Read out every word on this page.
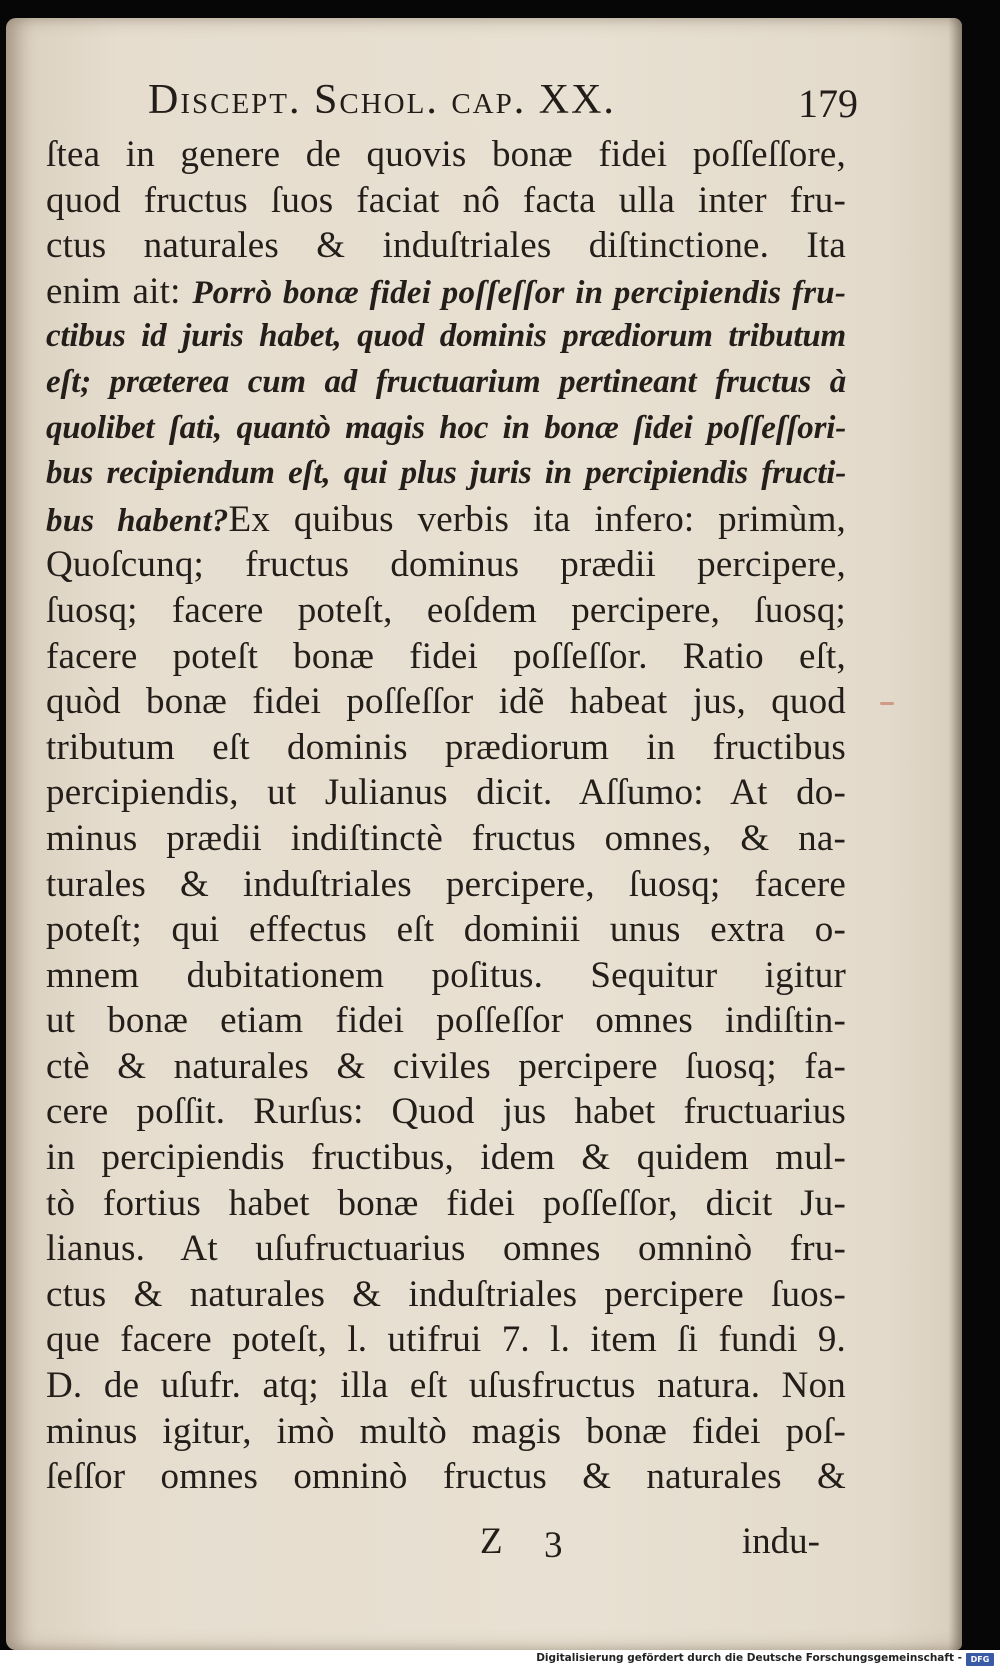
Discept. Schol. cap. XX.	179
ſtea in genere de quovis bonæ fidei poſſeſſore,
quod fructus ſuos faciat nô facta ulla inter fru-
ctus naturales & induſtriales diſtinctione. Ita
enim ait: Porrò bonæ fidei poſſeſſor in percipiendis fru-
ctibus id juris habet, quod dominis prædiorum tributum
eſt; præterea cum ad fructuarium pertineant fructus à
quolibet ſati, quantò magis hoc in bonæ ſidei poſſeſſori-
bus recipiendum eſt, qui plus juris in percipiendis fructi-
bus habent?Ex quibus verbis ita infero: primùm,
Quoſcunq; fructus dominus prædii percipere,
ſuosq; facere poteſt, eoſdem percipere, ſuosq;
facere poteſt bonæ fidei poſſeſſor. Ratio eſt,
quòd bonæ fidei poſſeſſor idẽ habeat jus, quod
tributum eſt dominis prædiorum in fructibus
percipiendis, ut Julianus dicit. Aſſumo: At do-
minus prædii indiſtinctè fructus omnes, & na-
turales & induſtriales percipere, ſuosq; facere
poteſt; qui effectus eſt dominii unus extra o-
mnem dubitationem poſitus. Sequitur igitur
ut bonæ etiam fidei poſſeſſor omnes indiſtin-
ctè & naturales & civiles percipere ſuosq; fa-
cere poſſit. Rurſus: Quod jus habet fructuarius
in percipiendis fructibus, idem & quidem mul-
tò fortius habet bonæ fidei poſſeſſor, dicit Ju-
lianus. At uſufructuarius omnes omninò fru-
ctus & naturales & induſtriales percipere ſuos-
que facere poteſt, l. utifrui 7. l. item ſi fundi 9.
D. de uſufr. atq; illa eſt uſusfructus natura. Non
minus igitur, imò multò magis bonæ fidei poſ-
ſeſſor omnes omninò fructus & naturales &
Z 3	indu-
Digitalisierung gefördert durch die Deutsche Forschungsgemeinschaft -	DFG
